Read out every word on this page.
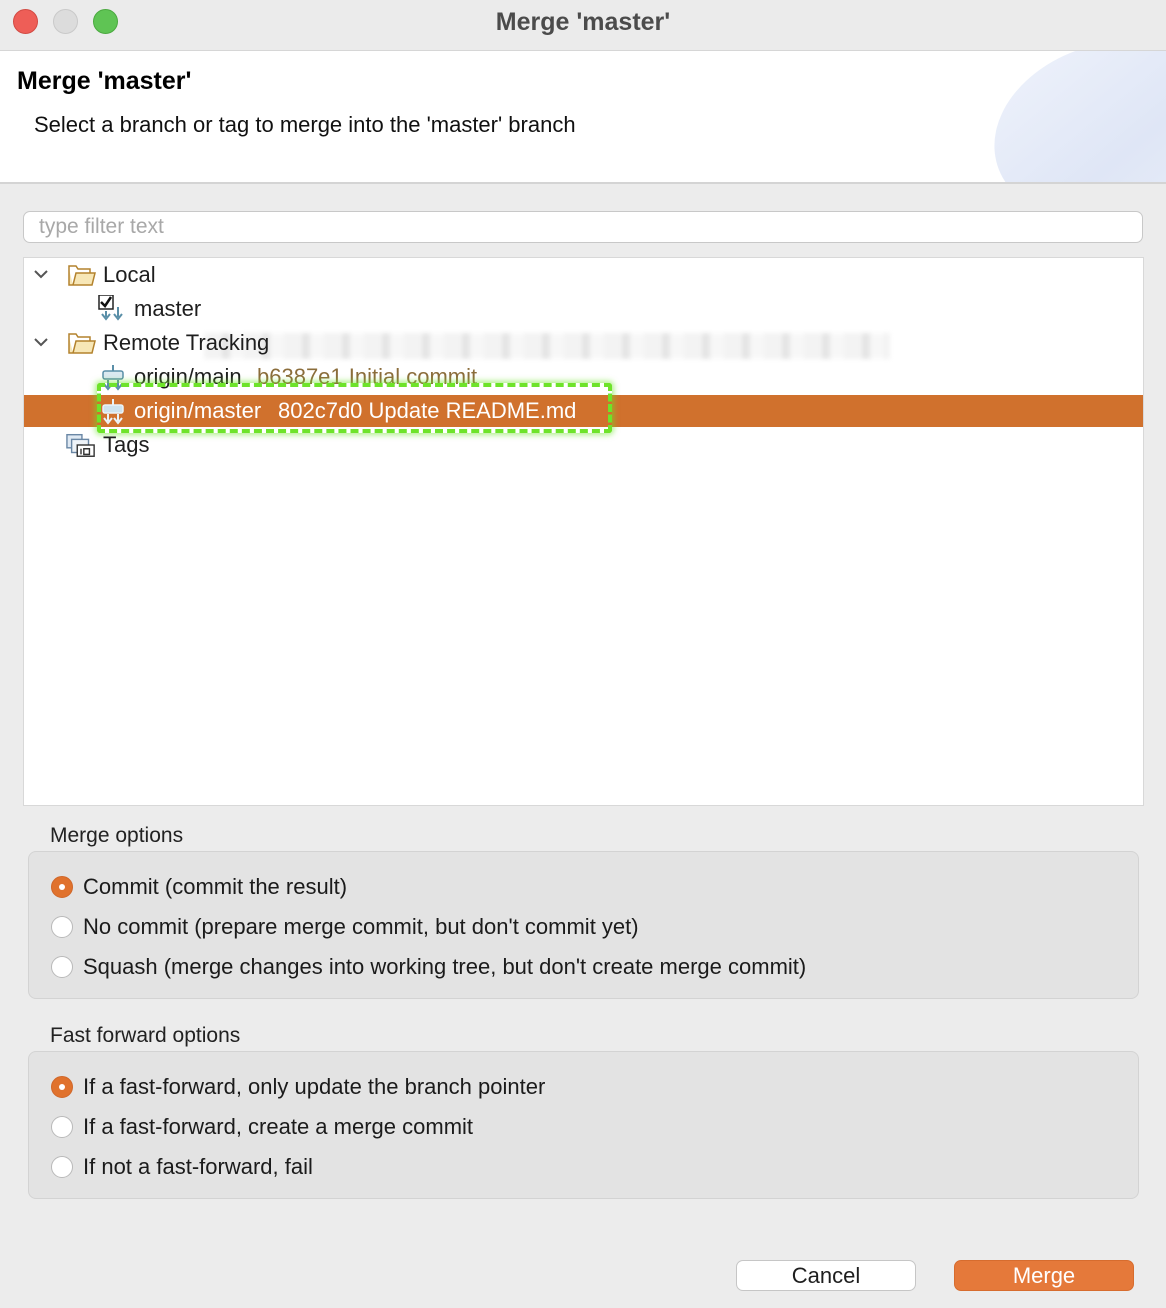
Merge 'master'
Merge 'master'
Select a branch or tag to merge into the 'master' branch
type filter text
Local
master
Remote Tracking
origin/main b6387e1 Initial commit
origin/master 802c7d0 Update README.md
Tags
Merge options
Commit (commit the result)
No commit (prepare merge commit, but don't commit yet)
Squash (merge changes into working tree, but don't create merge commit)
Fast forward options
If a fast-forward, only update the branch pointer
If a fast-forward, create a merge commit
If not a fast-forward, fail
Cancel	Merge
